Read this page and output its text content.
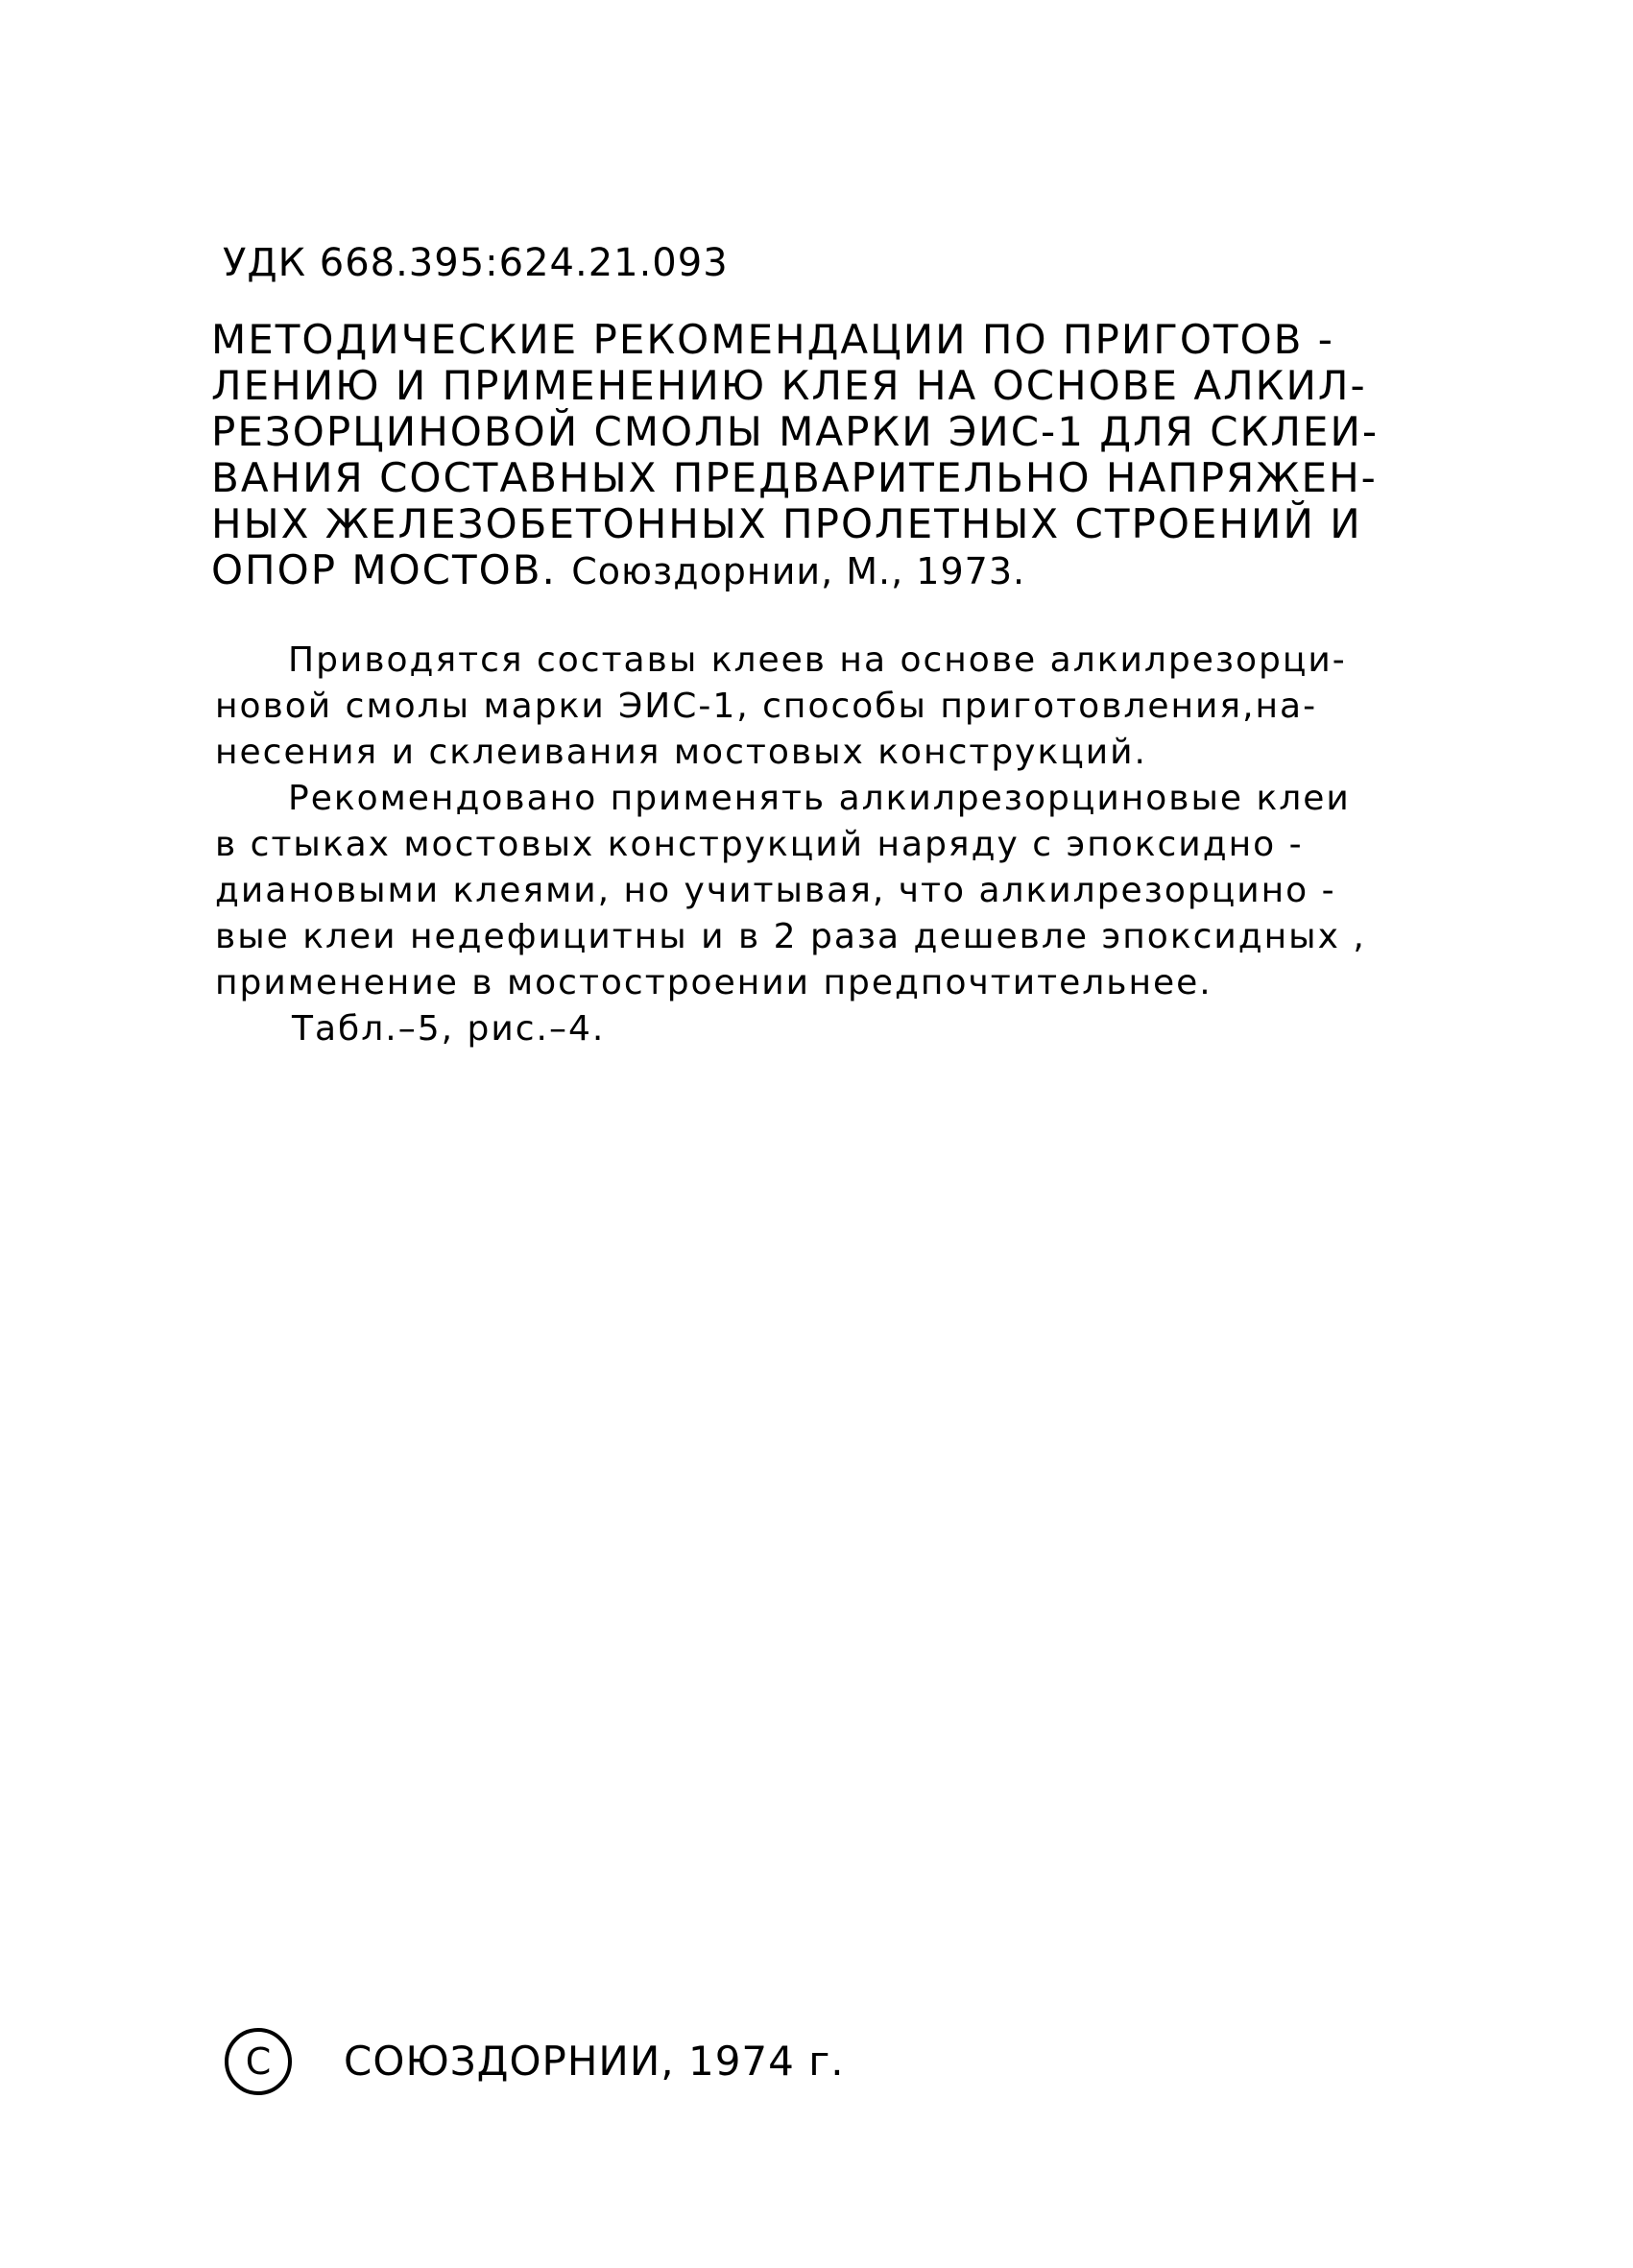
УДК 668.395:624.21.093
МЕТОДИЧЕСКИЕ РЕКОМЕНДАЦИИ ПО ПРИГОТОВ -
ЛЕНИЮ И ПРИМЕНЕНИЮ КЛЕЯ НА ОСНОВЕ АЛКИЛ-
РЕЗОРЦИНОВОЙ СМОЛЫ МАРКИ ЭИС-1 ДЛЯ СКЛЕИ-
ВАНИЯ СОСТАВНЫХ ПРЕДВАРИТЕЛЬНО НАПРЯЖЕН-
НЫХ ЖЕЛЕЗОБЕТОННЫХ ПРОЛЕТНЫХ СТРОЕНИЙ И
ОПОР МОСТОВ. Союздорнии, М., 1973.
Приводятся составы клеев на основе алкилрезорци-
новой смолы марки ЭИС-1, способы приготовления,на-
несения и склеивания мостовых конструкций.
Рекомендовано применять алкилрезорциновые клеи
в стыках мостовых конструкций наряду с эпоксидно -
диановыми клеями, но учитывая, что алкилрезорцино -
вые клеи недефицитны и в 2 раза дешевле эпоксидных ,
применение в мостостроении предпочтительнее.
Табл.–5, рис.–4.
C СОЮЗДОРНИИ, 1974 г.
